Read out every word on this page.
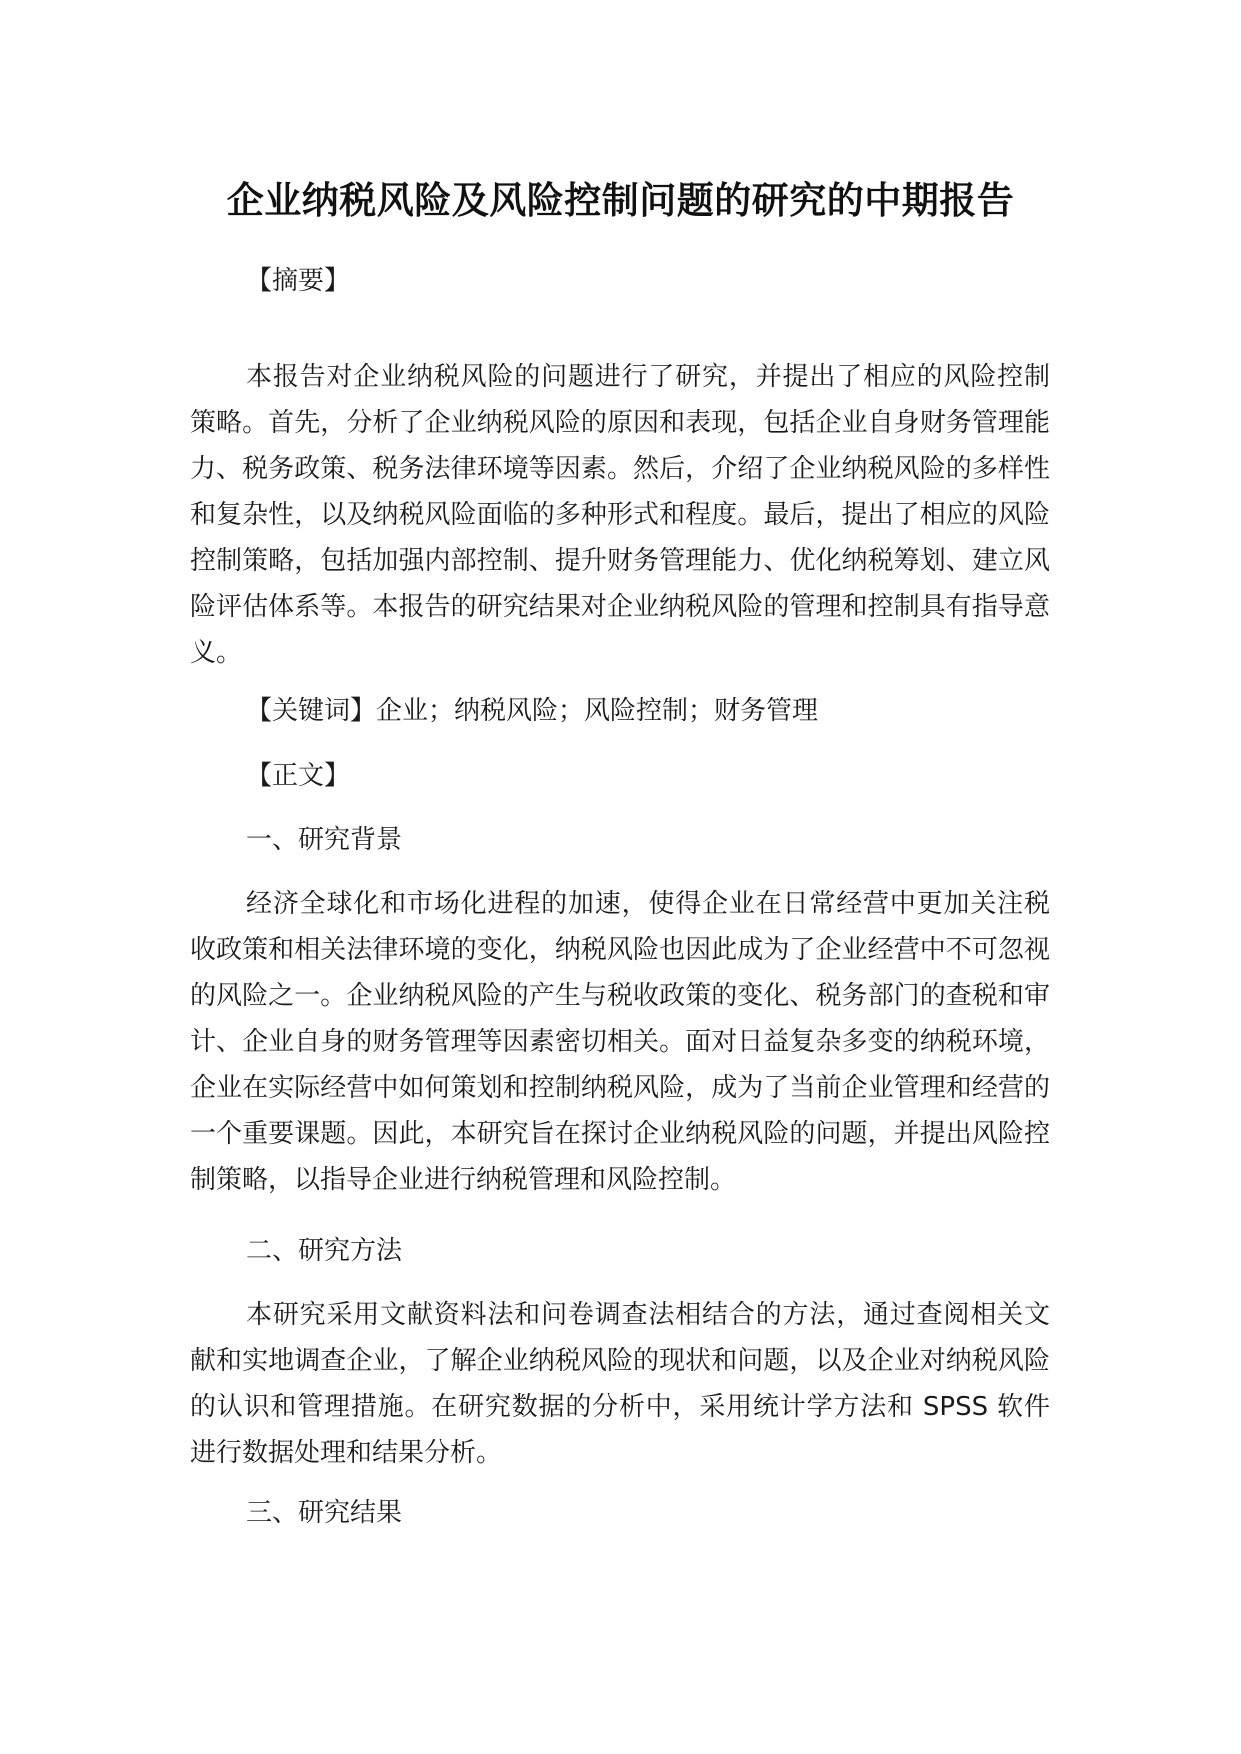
企业纳税风险及风险控制问题的研究的中期报告
【摘要】

本报告对企业纳税风险的问题进行了研究，并提出了相应的风险控制策略。首先，分析了企业纳税风险的原因和表现，包括企业自身财务管理能力、税务政策、税务法律环境等因素。然后，介绍了企业纳税风险的多样性和复杂性，以及纳税风险面临的多种形式和程度。最后，提出了相应的风险控制策略，包括加强内部控制、提升财务管理能力、优化纳税筹划、建立风险评估体系等。本报告的研究结果对企业纳税风险的管理和控制具有指导意义。

【关键词】企业；纳税风险；风险控制；财务管理
【正文】
一、研究背景

经济全球化和市场化进程的加速，使得企业在日常经营中更加关注税收政策和相关法律环境的变化，纳税风险也因此成为了企业经营中不可忽视的风险之一。企业纳税风险的产生与税收政策的变化、税务部门的查税和审计、企业自身的财务管理等因素密切相关。面对日益复杂多变的纳税环境，企业在实际经营中如何策划和控制纳税风险，成为了当前企业管理和经营的一个重要课题。因此，本研究旨在探讨企业纳税风险的问题，并提出风险控制策略，以指导企业进行纳税管理和风险控制。

二、研究方法

本研究采用文献资料法和问卷调查法相结合的方法，通过查阅相关文献和实地调查企业，了解企业纳税风险的现状和问题，以及企业对纳税风险的认识和管理措施。在研究数据的分析中，采用统计学方法和 SPSS 软件进行数据处理和结果分析。

三、研究结果
